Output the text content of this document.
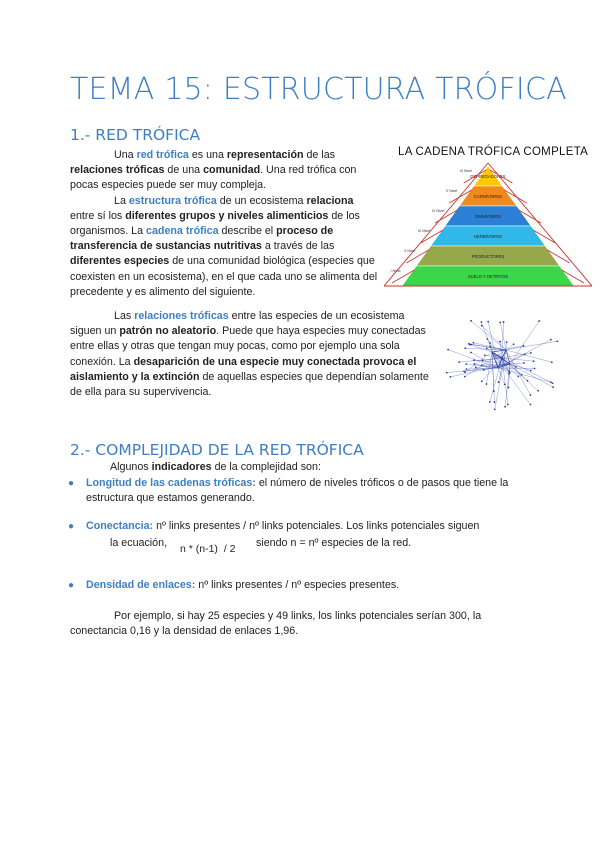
TEMA 15: ESTRUCTURA TRÓFICA
1.- RED TRÓFICA

Una red trófica es una representación de las relaciones tróficas de una comunidad. Una red trófica con pocas especies puede ser muy compleja.

La estructura trófica de un ecosistema relaciona entre sí los diferentes grupos y niveles alimenticios de los organismos. La cadena trófica describe el proceso de transferencia de sustancias nutritivas a través de las diferentes especies de una comunidad biológica (especies que coexisten en un ecosistema), en el que cada uno se alimenta del precedente y es alimento del siguiente.

Las relaciones tróficas entre las especies de un ecosistema siguen un patrón no aleatorio. Puede que haya especies muy conectadas entre ellas y otras que tengan muy pocas, como por ejemplo una sola conexión. La desaparición de una especie muy conectada provoca el aislamiento y la extinción de aquellas especies que dependían solamente de ella para su supervivencia.

LA CADENA TRÓFICA COMPLETA
DEPREDADORES
VI Nivel
CARNÍVOROS
V Nivel
OMNÍVOROS
IV Nivel
HERBÍVOROS
III Nivel
PRODUCTORES
II Nivel
SUELO Y DETRITOS
I Nivel
2.- COMPLEJIDAD DE LA RED TRÓFICA
Algunos indicadores de la complejidad son:
● Longitud de las cadenas tróficas: el número de niveles tróficos o de pasos que tiene la estructura que estamos generando.
● Conectancia: nº links presentes / nº links potenciales. Los links potenciales siguen
la ecuación, n * (n-1)  / 2 siendo n = nº especies de la red.
● Densidad de enlaces: nº links presentes / nº especies presentes.

Por ejemplo, si hay 25 especies y 49 links, los links potenciales serían 300, la conectancia 0,16 y la densidad de enlaces 1,96.
